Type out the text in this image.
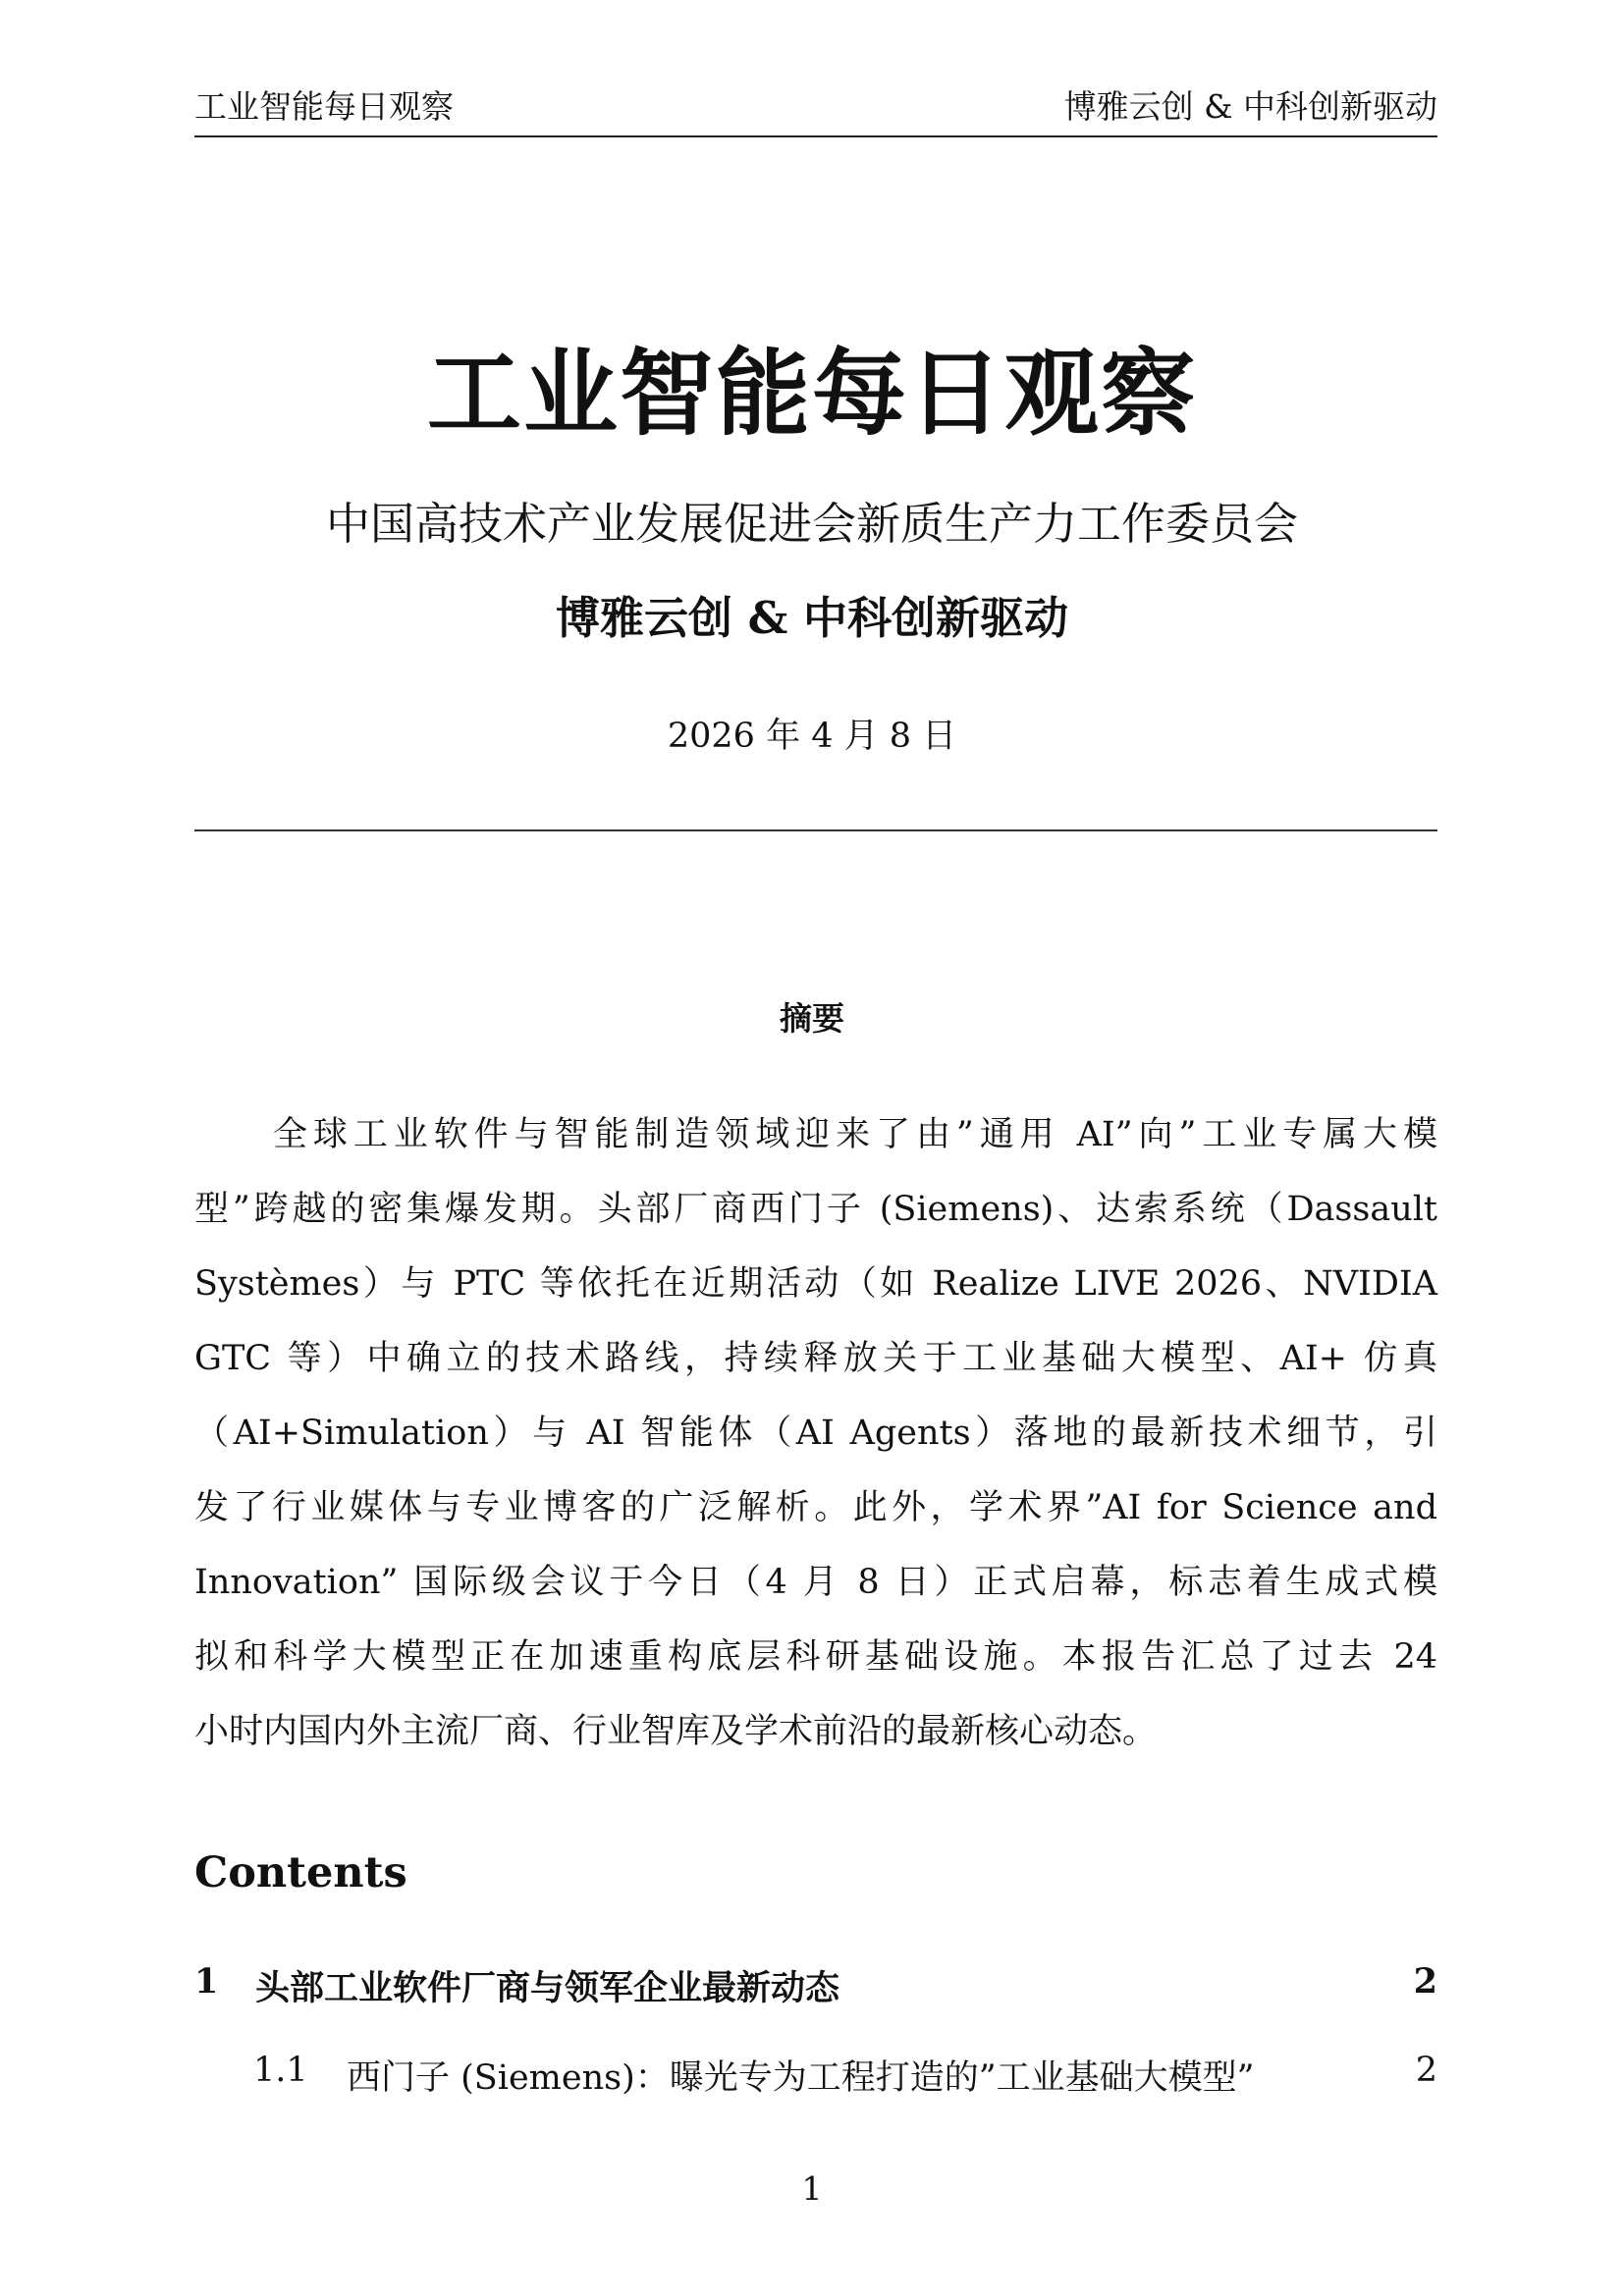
工业智能每日观察	博雅云创 & 中科创新驱动
工业智能每日观察
中国高技术产业发展促进会新质生产力工作委员会
博雅云创 & 中科创新驱动
2026 年 4 月 8 日
摘要
全球工业软件与智能制造领域迎来了由”通用 AI”向”工业专属大模
型”跨越的密集爆发期。头部厂商西门子 (Siemens)、达索系统（Dassault
Systèmes）与 PTC 等依托在近期活动（如 Realize LIVE 2026、NVIDIA
GTC 等）中确立的技术路线，持续释放关于工业基础大模型、AI+ 仿真
（AI+Simulation）与 AI 智能体（AI Agents）落地的最新技术细节，引
发了行业媒体与专业博客的广泛解析。此外，学术界”AI for Science and
Innovation” 国际级会议于今日（4 月 8 日）正式启幕，标志着生成式模
拟和科学大模型正在加速重构底层科研基础设施。本报告汇总了过去 24
小时内国内外主流厂商、行业智库及学术前沿的最新核心动态。
Contents
1 头部工业软件厂商与领军企业最新动态	2
1.1 西门子 (Siemens)：曝光专为工程打造的”工业基础大模型”	2
1
